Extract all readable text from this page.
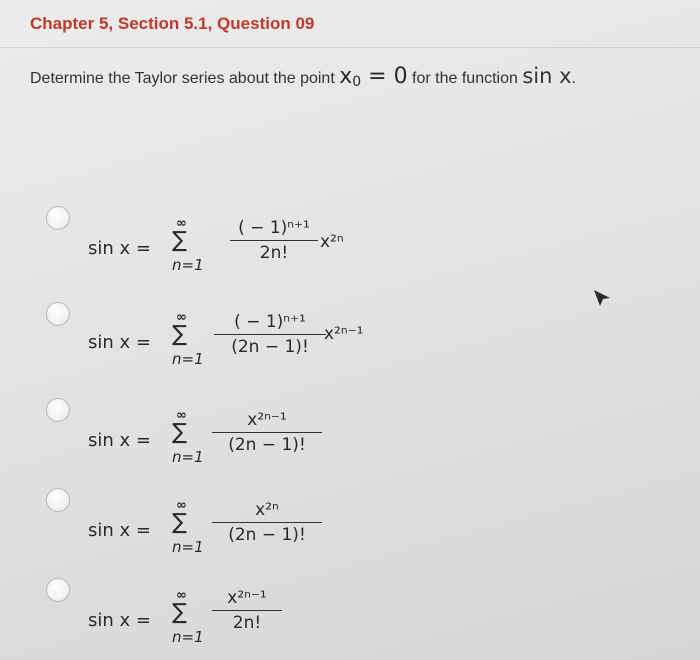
Chapter 5, Section 5.1, Question 09
Determine the Taylor series about the point $x_0 = 0$ for the function sin x.
sin x =
∞
∑
n=1
( − 1)ⁿ⁺¹
2n!
x²ⁿ
sin x =
∞
∑
n=1
( − 1)ⁿ⁺¹
(2n − 1)!
x²ⁿ⁻¹
sin x =
∞
∑
n=1
x²ⁿ⁻¹
(2n − 1)!
sin x =
∞
∑
n=1
x²ⁿ
(2n − 1)!
sin x =
∞
∑
n=1
x²ⁿ⁻¹
2n!
